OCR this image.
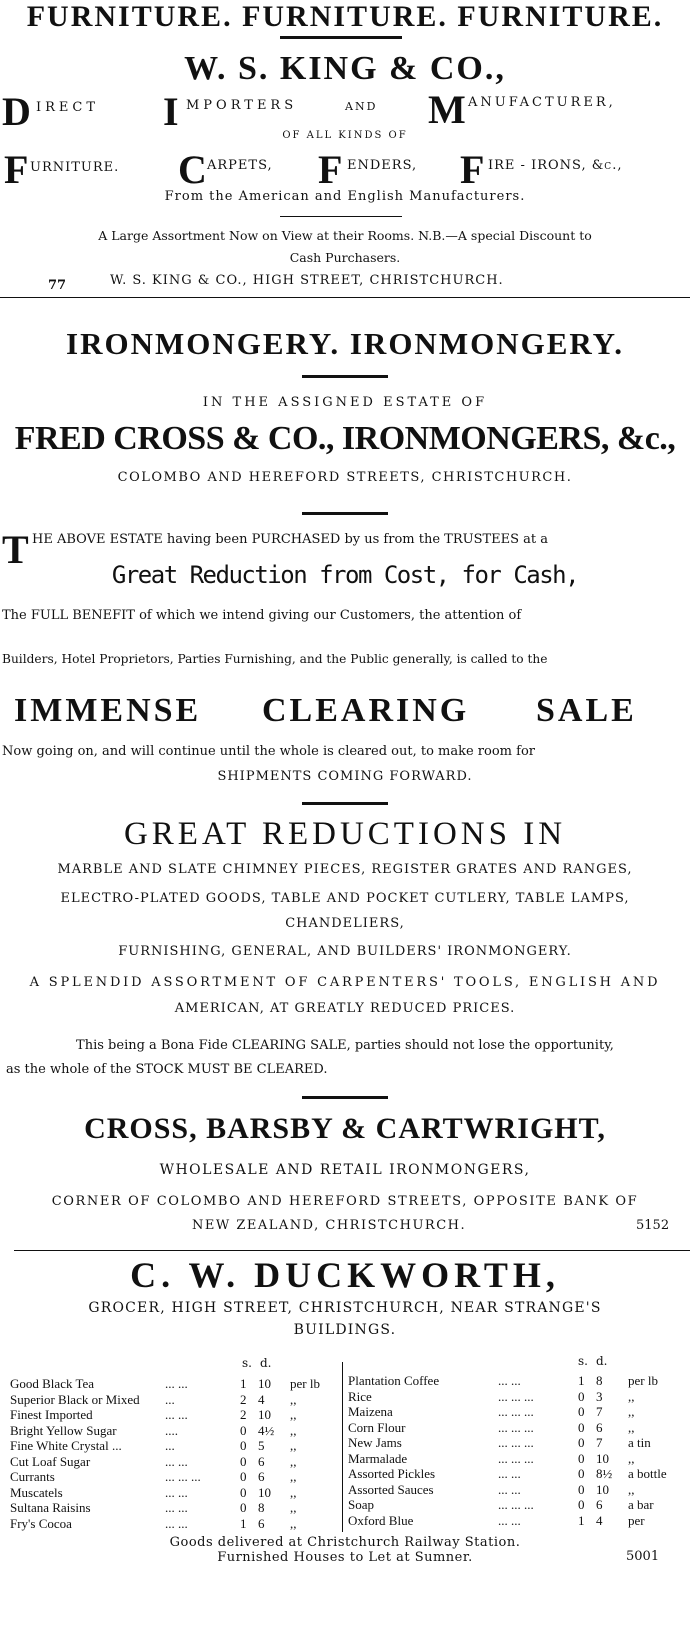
FURNITURE. FURNITURE. FURNITURE.
W. S. KING & CO.,
D IRECT I MPORTERS	AND M ANUFACTURER,
OF ALL KINDS OF
F URNITURE. C ARPETS, F ENDERS, F IRE - IRONS, &c.,
From the American and English Manufacturers.
A Large Assortment Now on View at their Rooms. N.B.—A special Discount to
Cash Purchasers.
77	W. S. KING & CO., HIGH STREET, CHRISTCHURCH.
IRONMONGERY. IRONMONGERY.
IN THE ASSIGNED ESTATE OF
FRED CROSS & CO., IRONMONGERS, &c.,
COLOMBO AND HEREFORD STREETS, CHRISTCHURCH.
T HE ABOVE ESTATE having been PURCHASED by us from the TRUSTEES at a
Great Reduction from Cost, for Cash,
The FULL BENEFIT of which we intend giving our Customers, the attention of
Builders, Hotel Proprietors, Parties Furnishing, and the Public generally, is called to the
IMMENSE CLEARING SALE
Now going on, and will continue until the whole is cleared out, to make room for
SHIPMENTS COMING FORWARD.
GREAT REDUCTIONS IN
MARBLE AND SLATE CHIMNEY PIECES, REGISTER GRATES AND RANGES,
ELECTRO-PLATED GOODS, TABLE AND POCKET CUTLERY, TABLE LAMPS,
CHANDELIERS,
FURNISHING, GENERAL, AND BUILDERS' IRONMONGERY.
A SPLENDID ASSORTMENT OF CARPENTERS' TOOLS, ENGLISH AND
AMERICAN, AT GREATLY REDUCED PRICES.
This being a Bona Fide CLEARING SALE, parties should not lose the opportunity,
as the whole of the STOCK MUST BE CLEARED.
CROSS, BARSBY & CARTWRIGHT,
WHOLESALE AND RETAIL IRONMONGERS,
CORNER OF COLOMBO AND HEREFORD STREETS, OPPOSITE BANK OF
NEW ZEALAND, CHRISTCHURCH.	5152
C. W. DUCKWORTH,
GROCER, HIGH STREET, CHRISTCHURCH, NEAR STRANGE'S
BUILDINGS.
s. d.	s. d.
Good Black Tea	... ...	1 10 per lb
Superior Black or Mixed ...	2 4 ,,
Finest Imported	... ...	2 10 ,,
Bright Yellow Sugar	....	0 4½ ,,
Fine White Crystal ...	...	0 5 ,,
Cut Loaf Sugar	... ...	0 6 ,,
Currants	... ... ...	0 6 ,,
Muscatels	... ...	0 10 ,,
Sultana Raisins	... ...	0 8 ,,
Fry's Cocoa	... ...	1 6 ,,
Plantation Coffee	... ...	1 8 per lb
Rice	... ... ...	0 3 ,,
Maizena	... ... ...	0 7 ,,
Corn Flour	... ... ...	0 6 ,,
New Jams	... ... ...	0 7 a tin
Marmalade	... ... ...	0 10 ,,
Assorted Pickles	... ...	0 8½ a bottle
Assorted Sauces	... ...	0 10 ,,
Soap	... ... ...	0 6 a bar
Oxford Blue	... ...	1 4 per
Goods delivered at Christchurch Railway Station.
Furnished Houses to Let at Sumner.	5001
